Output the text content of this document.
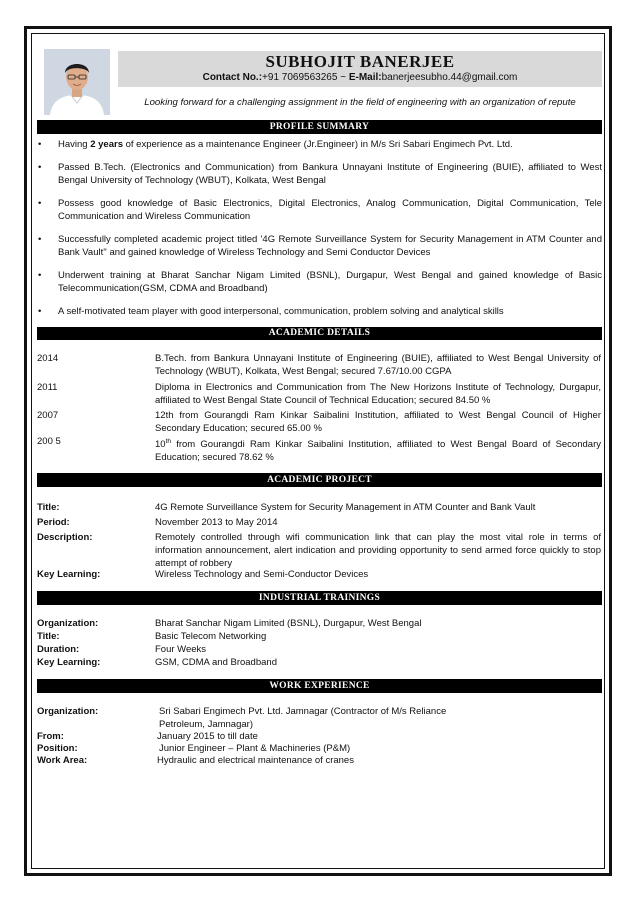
SUBHOJIT BANERJEE
Contact No.:+91 7069563265 ~ E-Mail:banerjeesubho.44@gmail.com
Looking forward for a challenging assignment in the field of engineering with an organization of repute
PROFILE SUMMARY
• Having 2 years of experience as a maintenance Engineer (Jr.Engineer) in M/s Sri Sabari Engimech Pvt. Ltd.
• Passed B.Tech. (Electronics and Communication) from Bankura Unnayani Institute of Engineering (BUIE), affiliated to West Bengal University of Technology (WBUT), Kolkata, West Bengal
• Possess good knowledge of Basic Electronics, Digital Electronics, Analog Communication, Digital Communication, Tele Communication and Wireless Communication
• Successfully completed academic project titled '4G Remote Surveillance System for Security Management in ATM Counter and Bank Vault'' and gained knowledge of Wireless Technology and Semi Conductor Devices
• Underwent training at Bharat Sanchar Nigam Limited (BSNL), Durgapur, West Bengal and gained knowledge of Basic Telecommunication(GSM, CDMA and Broadband)
• A self-motivated team player with good interpersonal, communication, problem solving and analytical skills
ACADEMIC DETAILS
2014	B.Tech. from Bankura Unnayani Institute of Engineering (BUIE), affiliated to West Bengal University of Technology (WBUT), Kolkata, West Bengal; secured 7.67/10.00 CGPA
2011	Diploma in Electronics and Communication from The New Horizons Institute of Technology, Durgapur, affiliated to West Bengal State Council of Technical Education; secured 84.50 %
2007	12th from Gourangdi Ram Kinkar Saibalini Institution, affiliated to West Bengal Council of Higher Secondary Education; secured 65.00 %
200 5	10th from Gourangdi Ram Kinkar Saibalini Institution, affiliated to West Bengal Board of Secondary Education; secured 78.62 %
ACADEMIC PROJECT
Title:	4G Remote Surveillance System for Security Management in ATM Counter and Bank Vault
Period:	November 2013 to May 2014
Description:	Remotely controlled through wifi communication link that can play the most vital role in terms of information announcement, alert indication and providing opportunity to send armed force quickly to stop attempt of robbery
Key Learning:	Wireless Technology and Semi-Conductor Devices
INDUSTRIAL TRAININGS
Organization:	Bharat Sanchar Nigam Limited (BSNL), Durgapur, West Bengal
Title:	Basic Telecom Networking
Duration:	Four Weeks
Key Learning:	GSM, CDMA and Broadband
WORK EXPERIENCE
Organization:	Sri Sabari Engimech Pvt. Ltd. Jamnagar (Contractor of M/s Reliance Petroleum, Jamnagar)
From:	January 2015 to till date
Position:	Junior Engineer – Plant & Machineries (P&M)
Work Area:	Hydraulic and electrical maintenance of cranes
